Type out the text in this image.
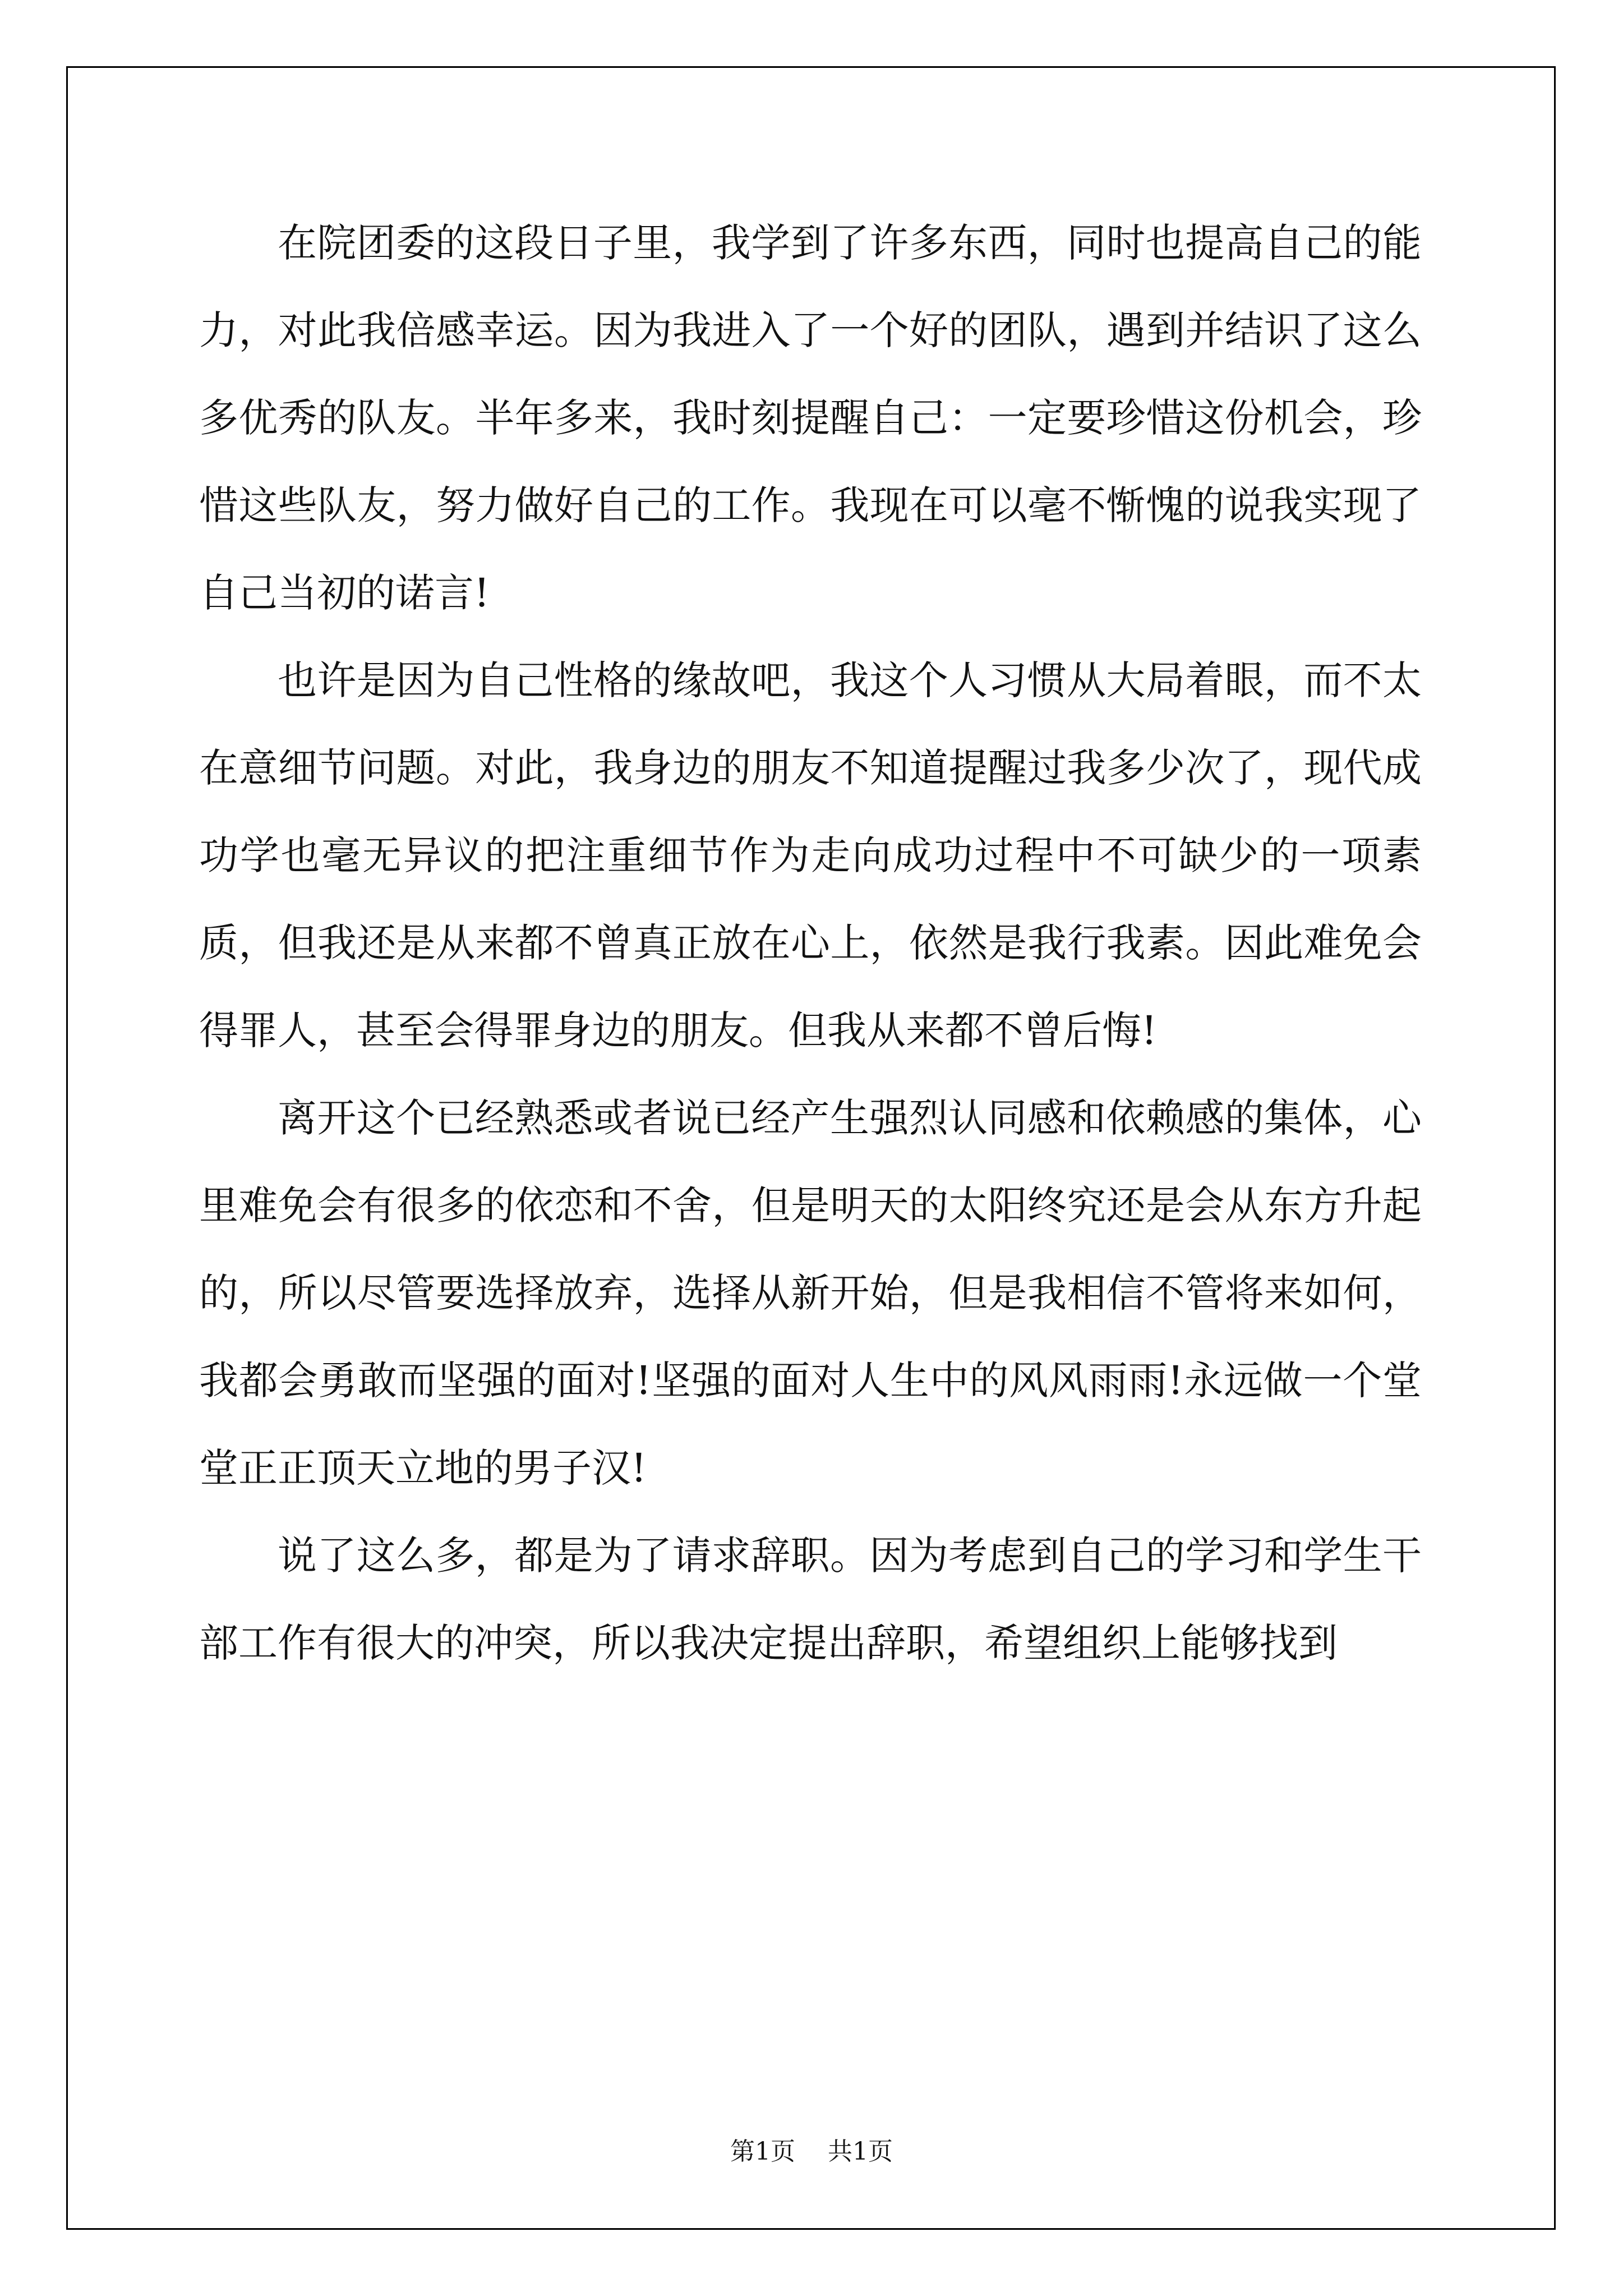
在院团委的这段日子里，我学到了许多东西，同时也提高自己的能力，对此我倍感幸运。因为我进入了一个好的团队，遇到并结识了这么多优秀的队友。半年多来，我时刻提醒自己：一定要珍惜这份机会，珍惜这些队友，努力做好自己的工作。我现在可以毫不惭愧的说我实现了自己当初的诺言!

也许是因为自己性格的缘故吧，我这个人习惯从大局着眼，而不太在意细节问题。对此，我身边的朋友不知道提醒过我多少次了，现代成功学也毫无异议的把注重细节作为走向成功过程中不可缺少的一项素质，但我还是从来都不曾真正放在心上，依然是我行我素。因此难免会得罪人，甚至会得罪身边的朋友。但我从来都不曾后悔!

离开这个已经熟悉或者说已经产生强烈认同感和依赖感的集体，心里难免会有很多的依恋和不舍，但是明天的太阳终究还是会从东方升起的，所以尽管要选择放弃，选择从新开始，但是我相信不管将来如何，我都会勇敢而坚强的面对!坚强的面对人生中的风风雨雨!永远做一个堂堂正正顶天立地的男子汉!

说了这么多，都是为了请求辞职。因为考虑到自己的学习和学生干部工作有很大的冲突，所以我决定提出辞职，希望组织上能够找到

第1页 共1页
